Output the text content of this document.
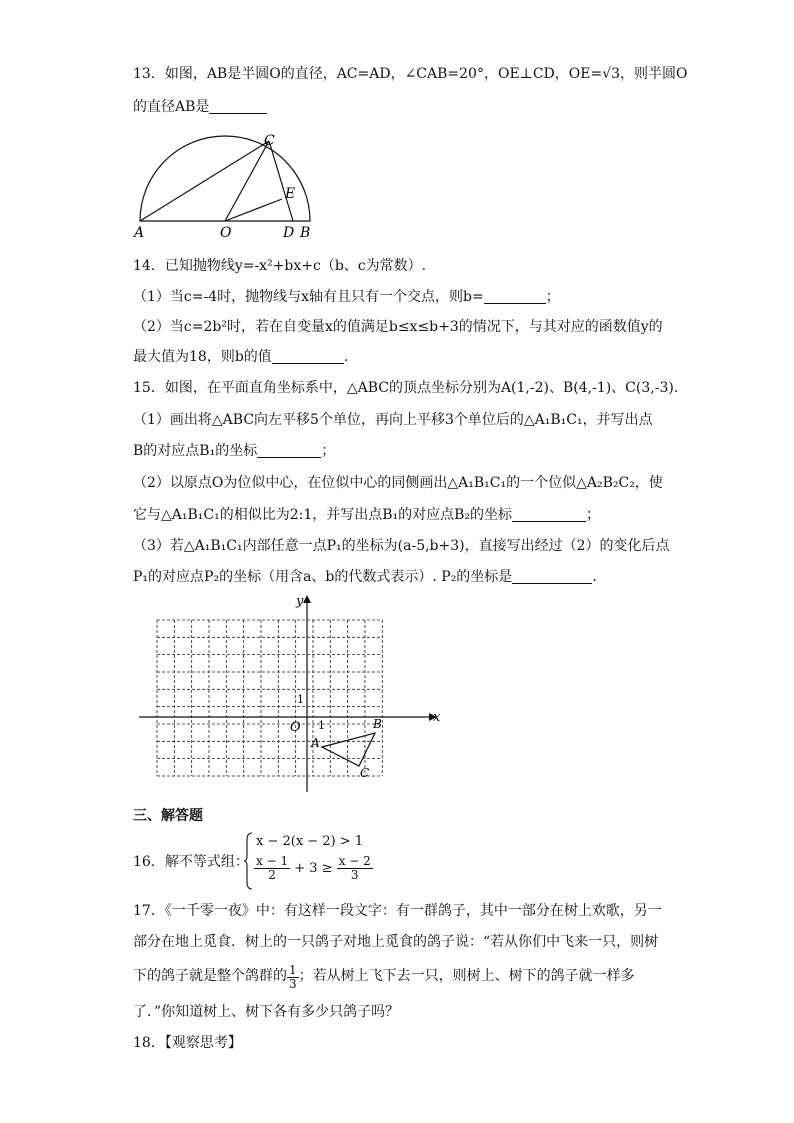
13．如图，AB是半圆O的直径，AC=AD，∠CAB=20°，OE⊥CD，OE=√3，则半圆O
的直径AB是
A	O	D B
C
E
14．已知抛物线y=-x²+bx+c（b、c为常数）.
（1）当c=-4时，抛物线与x轴有且只有一个交点，则b=	；
（2）当c=2b²时，若在自变量x的值满足b≤x≤b+3的情况下，与其对应的函数值y的
最大值为18，则b的值	.
15．如图，在平面直角坐标系中，△ABC的顶点坐标分别为A(1,-2)、B(4,-1)、C(3,-3).
（1）画出将△ABC向左平移5个单位，再向上平移3个单位后的△A₁B₁C₁，并写出点
B的对应点B₁的坐标	；
（2）以原点O为位似中心，在位似中心的同侧画出△A₁B₁C₁的一个位似△A₂B₂C₂，使
它与△A₁B₁C₁的相似比为2:1，并写出点B₁的对应点B₂的坐标	；
（3）若△A₁B₁C₁内部任意一点P₁的坐标为(a-5,b+3)，直接写出经过（2）的变化后点
P₁的对应点P₂的坐标（用含a、b的代数式表示）. P₂的坐标是	.
x
y
O 1
1
A
B
C
三、解答题
16．解不等式组：
x − 2(x − 2) > 1
$\frac{x - 1}{2} + 3 \ge \frac{x - 2}{3}$
17．《一千零一夜》中：有这样一段文字：有一群鸽子，其中一部分在树上欢歌，另一
部分在地上觅食．树上的一只鸽子对地上觅食的鸽子说：“若从你们中飞来一只，则树
下的鸽子就是整个鸽群的 $\frac{1}{3}$ ；若从树上飞下去一只，则树上、树下的鸽子就一样多
了．”你知道树上、树下各有多少只鸽子吗？
18．【观察思考】
